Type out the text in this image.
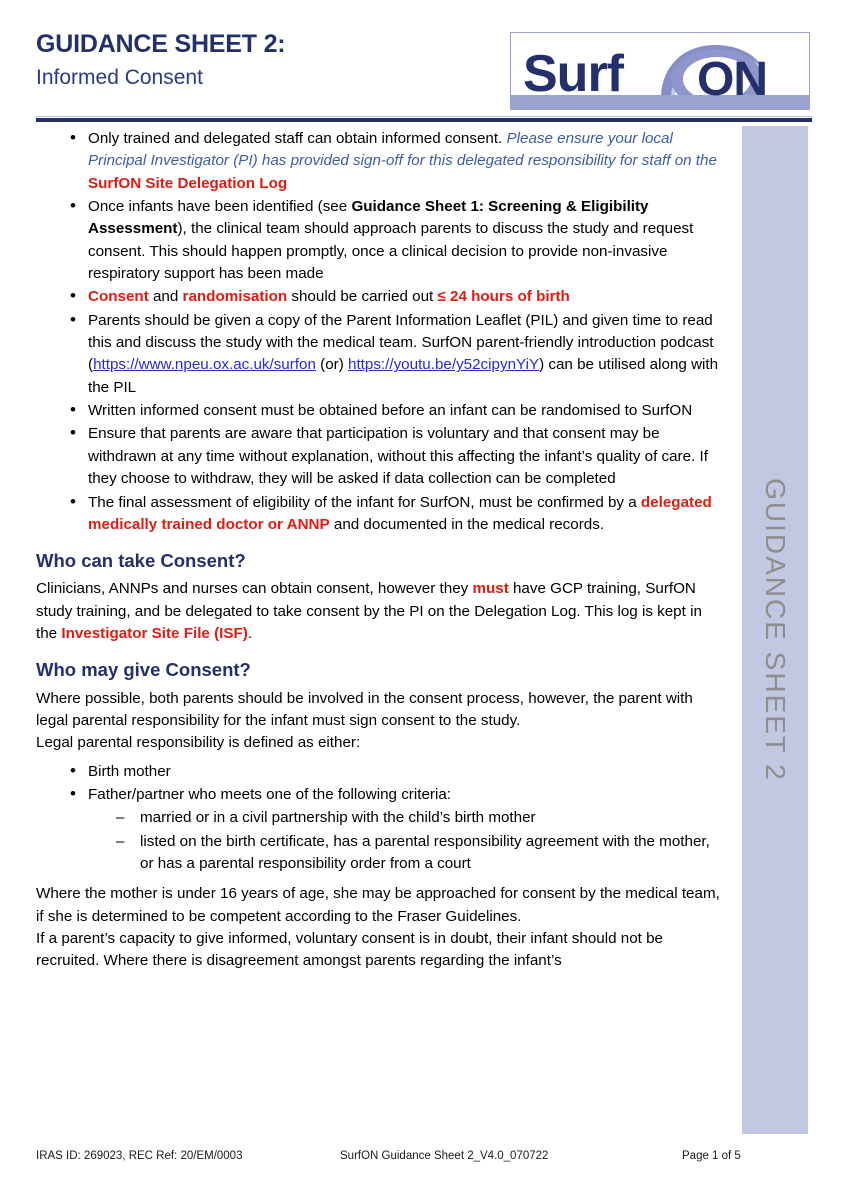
GUIDANCE SHEET 2:
Informed Consent	Surf ON
GUIDANCE SHEET 2
• Only trained and delegated staff can obtain informed consent. Please ensure your local Principal Investigator (PI) has provided sign-off for this delegated responsibility for staff on the SurfON Site Delegation Log
• Once infants have been identified (see Guidance Sheet 1: Screening & Eligibility Assessment), the clinical team should approach parents to discuss the study and request consent. This should happen promptly, once a clinical decision to provide non-invasive respiratory support has been made
• Consent and randomisation should be carried out ≤ 24 hours of birth
• Parents should be given a copy of the Parent Information Leaflet (PIL) and given time to read this and discuss the study with the medical team. SurfON parent-friendly introduction podcast (https://www.npeu.ox.ac.uk/surfon (or) https://youtu.be/y52cipynYiY) can be utilised along with the PIL
• Written informed consent must be obtained before an infant can be randomised to SurfON
• Ensure that parents are aware that participation is voluntary and that consent may be withdrawn at any time without explanation, without this affecting the infant’s quality of care. If they choose to withdraw, they will be asked if data collection can be completed
• The final assessment of eligibility of the infant for SurfON, must be confirmed by a delegated medically trained doctor or ANNP and documented in the medical records.
Who can take Consent?

Clinicians, ANNPs and nurses can obtain consent, however they must have GCP training, SurfON study training, and be delegated to take consent by the PI on the Delegation Log. This log is kept in the Investigator Site File (ISF).

Who may give Consent?

Where possible, both parents should be involved in the consent process, however, the parent with legal parental responsibility for the infant must sign consent to the study.

Legal parental responsibility is defined as either:

• Birth mother
• Father/partner who meets one of the following criteria:
– married or in a civil partnership with the child’s birth mother
– listed on the birth certificate, has a parental responsibility agreement with the mother, or has a parental responsibility order from a court

Where the mother is under 16 years of age, she may be approached for consent by the medical team, if she is determined to be competent according to the Fraser Guidelines.

If a parent’s capacity to give informed, voluntary consent is in doubt, their infant should not be recruited. Where there is disagreement amongst parents regarding the infant’s

IRAS ID: 269023, REC Ref: 20/EM/0003	SurfON Guidance Sheet 2_V4.0_070722	Page 1 of 5
